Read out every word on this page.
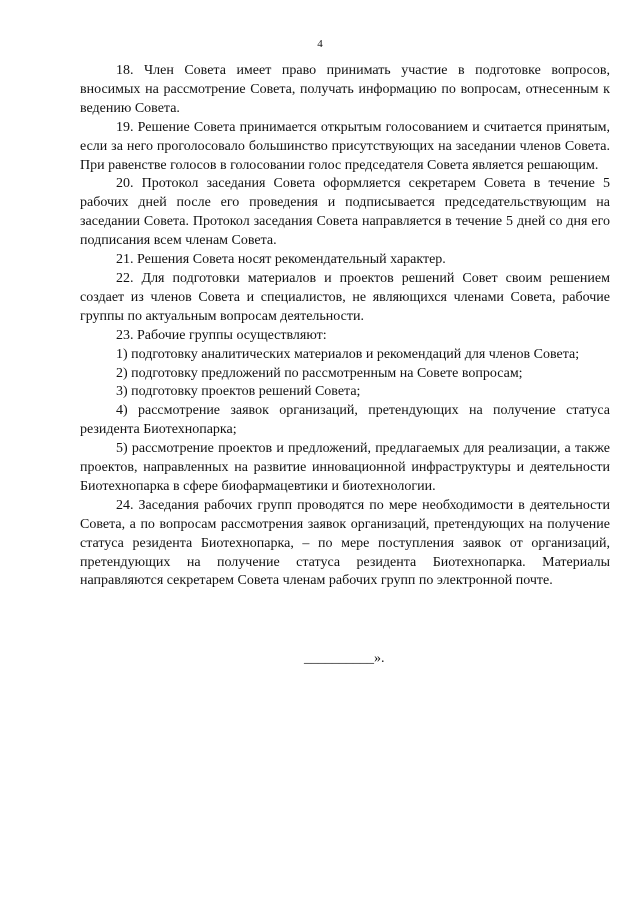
4

18. Член Совета имеет право принимать участие в подготовке вопросов, вносимых на рассмотрение Совета, получать информацию по вопросам, отнесенным к ведению Совета.

19. Решение Совета принимается открытым голосованием и считается принятым, если за него проголосовало большинство присутствующих на заседании членов Совета. При равенстве голосов в голосовании голос председателя Совета является решающим.

20. Протокол заседания Совета оформляется секретарем Совета в течение 5 рабочих дней после его проведения и подписывается председательствующим на заседании Совета. Протокол заседания Совета направляется в течение 5 дней со дня его подписания всем членам Совета.

21. Решения Совета носят рекомендательный характер.

22. Для подготовки материалов и проектов решений Совет своим решением создает из членов Совета и специалистов, не являющихся членами Совета, рабочие группы по актуальным вопросам деятельности.

23. Рабочие группы осуществляют:

1) подготовку аналитических материалов и рекомендаций для членов Совета;

2) подготовку предложений по рассмотренным на Совете вопросам;

3) подготовку проектов решений Совета;

4) рассмотрение заявок организаций, претендующих на получение статуса резидента Биотехнопарка;

5) рассмотрение проектов и предложений, предлагаемых для реализации, а также проектов, направленных на развитие инновационной инфраструктуры и деятельности Биотехнопарка в сфере биофармацевтики и биотехнологии.

24. Заседания рабочих групп проводятся по мере необходимости в деятельности Совета, а по вопросам рассмотрения заявок организаций, претендующих на получение статуса резидента Биотехнопарка, – по мере поступления заявок от организаций, претендующих на получение статуса резидента Биотехнопарка. Материалы направляются секретарем Совета членам рабочих групп по электронной почте.

__________».
